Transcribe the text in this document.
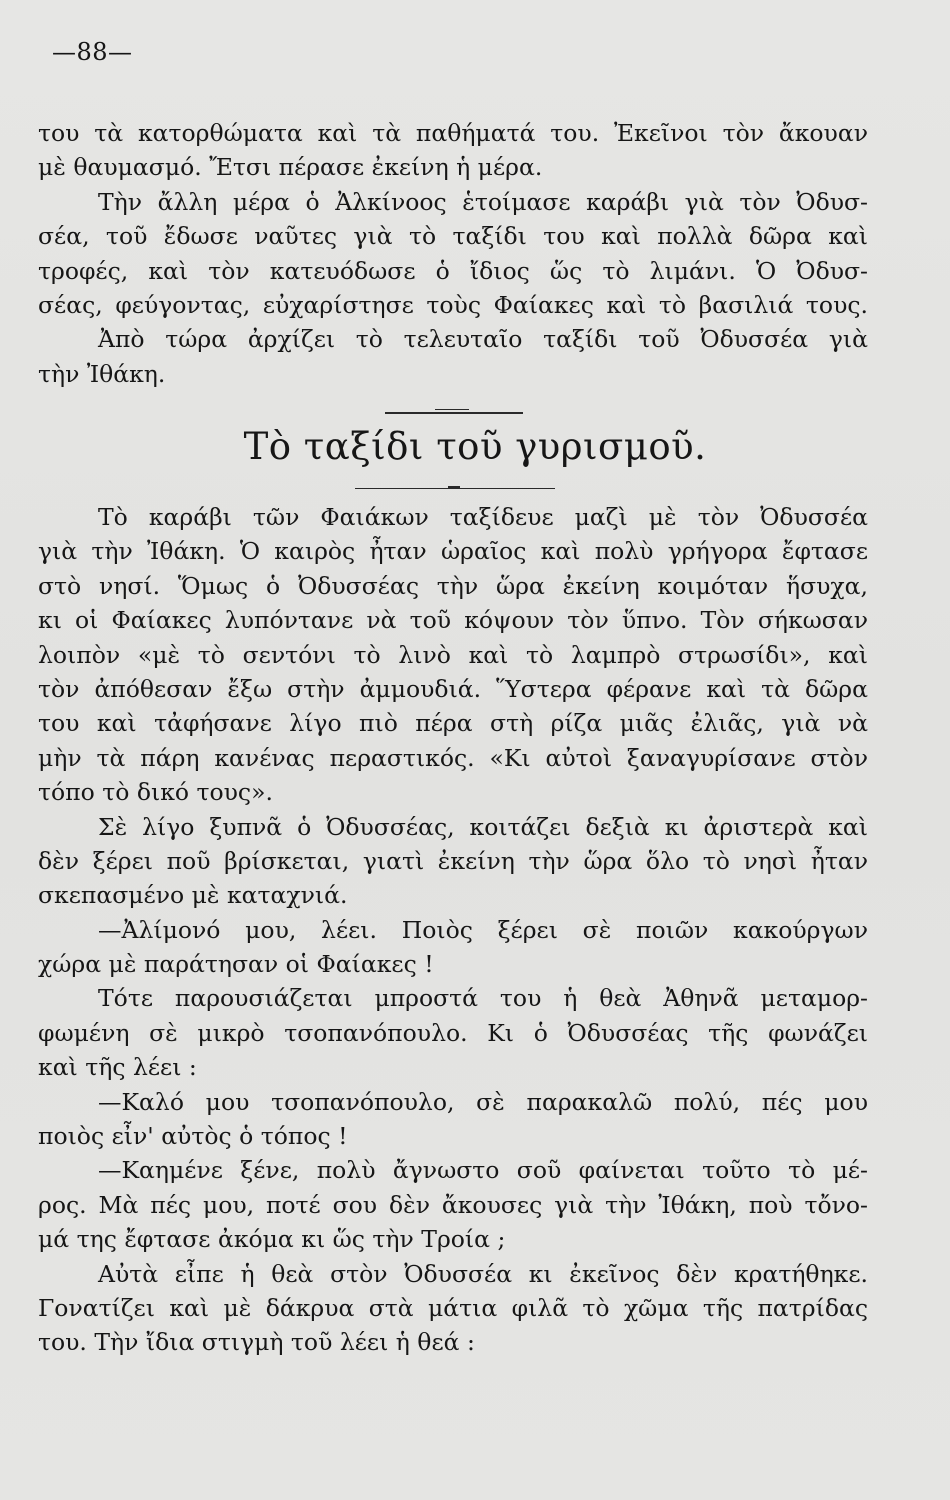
—88—
του τὰ κατορθώματα καὶ τὰ παθήματά του. Ἐκεῖνοι τὸν ἄκουαν
μὲ θαυμασμό. Ἔτσι πέρασε ἐκείνη ἡ μέρα.
Τὴν ἄλλη μέρα ὁ Ἀλκίνοος ἑτοίμασε καράβι γιὰ τὸν Ὀδυσ-
σέα, τοῦ ἔδωσε ναῦτες γιὰ τὸ ταξίδι του καὶ πολλὰ δῶρα καὶ
τροφές, καὶ τὸν κατευόδωσε ὁ ἴδιος ὥς τὸ λιμάνι. Ὁ Ὀδυσ-
σέας, φεύγοντας, εὐχαρίστησε τοὺς Φαίακες καὶ τὸ βασιλιά τους.
Ἀπὸ τώρα ἀρχίζει τὸ τελευταῖο ταξίδι τοῦ Ὀδυσσέα γιὰ
τὴν Ἰθάκη.
Τὸ ταξίδι τοῦ γυρισμοῦ.
Τὸ καράβι τῶν Φαιάκων ταξίδευε μαζὶ μὲ τὸν Ὀδυσσέα
γιὰ τὴν Ἰθάκη. Ὁ καιρὸς ἦταν ὡραῖος καὶ πολὺ γρήγορα ἔφτασε
στὸ νησί. Ὅμως ὁ Ὀδυσσέας τὴν ὥρα ἐκείνη κοιμόταν ἥσυχα,
κι οἱ Φαίακες λυπόντανε νὰ τοῦ κόψουν τὸν ὕπνο. Τὸν σήκωσαν
λοιπὸν «μὲ τὸ σεντόνι τὸ λινὸ καὶ τὸ λαμπρὸ στρωσίδι», καὶ
τὸν ἀπόθεσαν ἔξω στὴν ἀμμουδιά. Ὕστερα φέρανε καὶ τὰ δῶρα
του καὶ τἀφήσανε λίγο πιὸ πέρα στὴ ρίζα μιᾶς ἐλιᾶς, γιὰ νὰ
μὴν τὰ πάρη κανένας περαστικός. «Κι αὐτοὶ ξαναγυρίσανε στὸν
τόπο τὸ δικό τους».
Σὲ λίγο ξυπνᾶ ὁ Ὀδυσσέας, κοιτάζει δεξιὰ κι ἀριστερὰ καὶ
δὲν ξέρει ποῦ βρίσκεται, γιατὶ ἐκείνη τὴν ὥρα ὅλο τὸ νησὶ ἦταν
σκεπασμένο μὲ καταχνιά.
—Ἀλίμονό μου, λέει. Ποιὸς ξέρει σὲ ποιῶν κακούργων
χώρα μὲ παράτησαν οἱ Φαίακες !
Τότε παρουσιάζεται μπροστά του ἡ θεὰ Ἀθηνᾶ μεταμορ-
φωμένη σὲ μικρὸ τσοπανόπουλο. Κι ὁ Ὀδυσσέας τῆς φωνάζει
καὶ τῆς λέει :
—Καλό μου τσοπανόπουλο, σὲ παρακαλῶ πολύ, πές μου
ποιὸς εἶν' αὐτὸς ὁ τόπος !
—Καημένε ξένε, πολὺ ἄγνωστο σοῦ φαίνεται τοῦτο τὸ μέ-
ρος. Μὰ πές μου, ποτέ σου δὲν ἄκουσες γιὰ τὴν Ἰθάκη, ποὺ τὄνο-
μά της ἔφτασε ἀκόμα κι ὥς τὴν Τροία ;
Αὐτὰ εἶπε ἡ θεὰ στὸν Ὀδυσσέα κι ἐκεῖνος δὲν κρατήθηκε.
Γονατίζει καὶ μὲ δάκρυα στὰ μάτια φιλᾶ τὸ χῶμα τῆς πατρίδας
του. Τὴν ἴδια στιγμὴ τοῦ λέει ἡ θεά :
